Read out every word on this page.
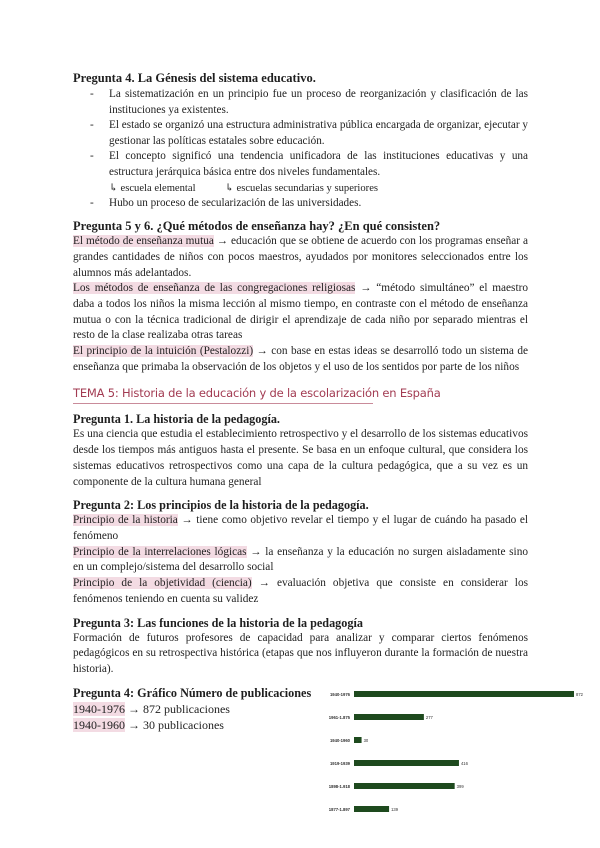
Pregunta 4. La Génesis del sistema educativo.

- La sistematización en un principio fue un proceso de reorganización y clasificación de las instituciones ya existentes.
- El estado se organizó una estructura administrativa pública encargada de organizar, ejecutar y gestionar las políticas estatales sobre educación.
- El concepto significó una tendencia unificadora de las instituciones educativas y una estructura jerárquica básica entre dos niveles fundamentales.
↳ escuela elemental	↳ escuelas secundarias y superiores
- Hubo un proceso de secularización de las universidades.

Pregunta 5 y 6. ¿Qué métodos de enseñanza hay? ¿En qué consisten?

El método de enseñanza mutua → educación que se obtiene de acuerdo con los programas enseñar a grandes cantidades de niños con pocos maestros, ayudados por monitores seleccionados entre los alumnos más adelantados.

Los métodos de enseñanza de las congregaciones religiosas → “método simultáneo” el maestro daba a todos los niños la misma lección al mismo tiempo, en contraste con el método de enseñanza mutua o con la técnica tradicional de dirigir el aprendizaje de cada niño por separado mientras el resto de la clase realizaba otras tareas

El principio de la intuición (Pestalozzi) → con base en estas ideas se desarrolló todo un sistema de enseñanza que primaba la observación de los objetos y el uso de los sentidos por parte de los niños

TEMA 5: Historia de la educación y de la escolarización en España

Pregunta 1. La historia de la pedagogía.

Es una ciencia que estudia el establecimiento retrospectivo y el desarrollo de los sistemas educativos desde los tiempos más antiguos hasta el presente. Se basa en un enfoque cultural, que considera los sistemas educativos retrospectivos como una capa de la cultura pedagógica, que a su vez es un componente de la cultura humana general

Pregunta 2: Los principios de la historia de la pedagogía.

Principio de la historia → tiene como objetivo revelar el tiempo y el lugar de cuándo ha pasado el fenómeno

Principio de la interrelaciones lógicas → la enseñanza y la educación no surgen aisladamente sino en un complejo/sistema del desarrollo social

Principio de la objetividad (ciencia) → evaluación objetiva que consiste en considerar los fenómenos teniendo en cuenta su validez

Pregunta 3: Las funciones de la historia de la pedagogía

Formación de futuros profesores de capacidad para analizar y comparar ciertos fenómenos pedagógicos en su retrospectiva histórica (etapas que nos influyeron durante la formación de nuestra historia).

Pregunta 4: Gráfico Número de publicaciones

1940-1976 → 872 publicaciones
1940-1960 → 30 publicaciones
1940-1976	872
1961-1.875	277
1940-1960	30
1919-1939	416
1898-1.918	399
1877-1.897	139
